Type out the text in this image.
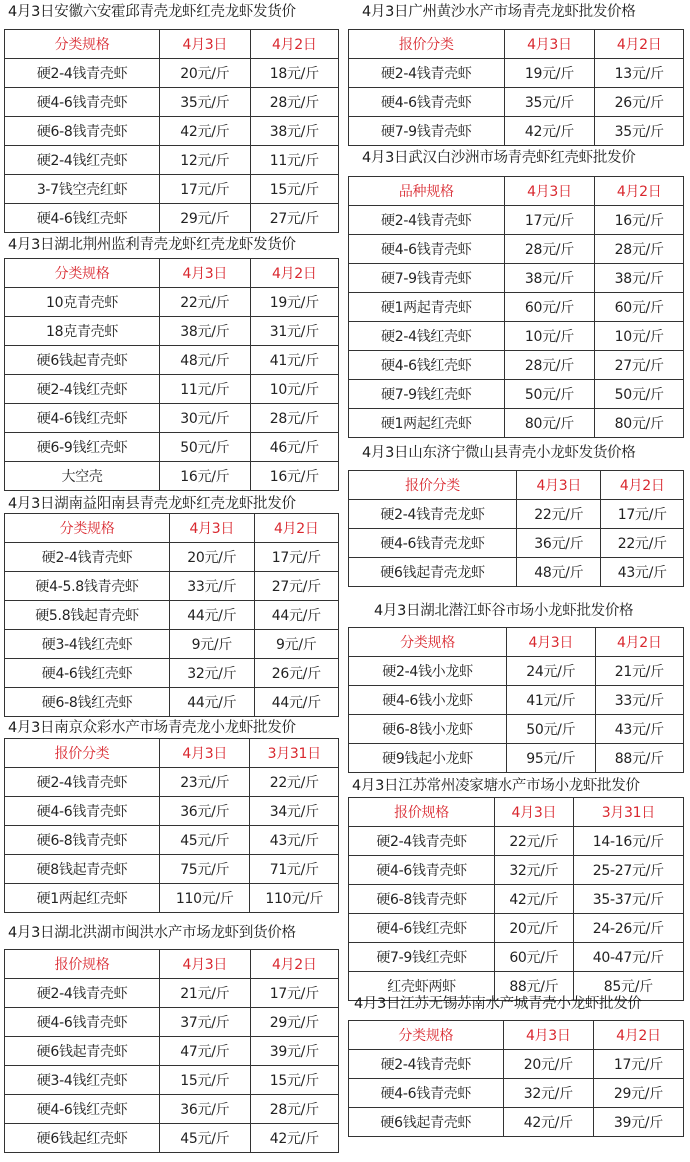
4月3日安徽六安霍邱青壳龙虾红壳龙虾发货价
分类规格	4月3日	4月2日
硬2-4钱青壳虾	20元/斤	18元/斤
硬4-6钱青壳虾	35元/斤	28元/斤
硬6-8钱青壳虾	42元/斤	38元/斤
硬2-4钱红壳虾	12元/斤	11元/斤
3-7钱空壳红虾	17元/斤	15元/斤
硬4-6钱红壳虾	29元/斤	27元/斤
4月3日湖北荆州监利青壳龙虾红壳龙虾发货价
分类规格	4月3日	4月2日
10克青壳虾	22元/斤	19元/斤
18克青壳虾	38元/斤	31元/斤
硬6钱起青壳虾	48元/斤	41元/斤
硬2-4钱红壳虾	11元/斤	10元/斤
硬4-6钱红壳虾	30元/斤	28元/斤
硬6-9钱红壳虾	50元/斤	46元/斤
大空壳	16元/斤	16元/斤
4月3日湖南益阳南县青壳龙虾红壳龙虾批发价
分类规格	4月3日	4月2日
硬2-4钱青壳虾	20元/斤	17元/斤
硬4-5.8钱青壳虾	33元/斤	27元/斤
硬5.8钱起青壳虾	44元/斤	44元/斤
硬3-4钱红壳虾	9元/斤	9元/斤
硬4-6钱红壳虾	32元/斤	26元/斤
硬6-8钱红壳虾	44元/斤	44元/斤
4月3日南京众彩水产市场青壳龙小龙虾批发价
报价分类	4月3日	3月31日
硬2-4钱青壳虾	23元/斤	22元/斤
硬4-6钱青壳虾	36元/斤	34元/斤
硬6-8钱青壳虾	45元/斤	43元/斤
硬8钱起青壳虾	75元/斤	71元/斤
硬1两起红壳虾	110元/斤	110元/斤
4月3日湖北洪湖市闽洪水产市场龙虾到货价格
报价规格	4月3日	4月2日
硬2-4钱青壳虾	21元/斤	17元/斤
硬4-6钱青壳虾	37元/斤	29元/斤
硬6钱起青壳虾	47元/斤	39元/斤
硬3-4钱红壳虾	15元/斤	15元/斤
硬4-6钱红壳虾	36元/斤	28元/斤
硬6钱起红壳虾	45元/斤	42元/斤
4月3日广州黄沙水产市场青壳龙虾批发价格
报价分类	4月3日	4月2日
硬2-4钱青壳虾	19元/斤	13元/斤
硬4-6钱青壳虾	35元/斤	26元/斤
硬7-9钱青壳虾	42元/斤	35元/斤
4月3日武汉白沙洲市场青壳虾红壳虾批发价
品种规格	4月3日	4月2日
硬2-4钱青壳虾	17元/斤	16元/斤
硬4-6钱青壳虾	28元/斤	28元/斤
硬7-9钱青壳虾	38元/斤	38元/斤
硬1两起青壳虾	60元/斤	60元/斤
硬2-4钱红壳虾	10元/斤	10元/斤
硬4-6钱红壳虾	28元/斤	27元/斤
硬7-9钱红壳虾	50元/斤	50元/斤
硬1两起红壳虾	80元/斤	80元/斤
4月3日山东济宁微山县青壳小龙虾发货价格
报价分类	4月3日	4月2日
硬2-4钱青壳龙虾	22元/斤	17元/斤
硬4-6钱青壳龙虾	36元/斤	22元/斤
硬6钱起青壳龙虾	48元/斤	43元/斤
4月3日湖北潜江虾谷市场小龙虾批发价格
分类规格	4月3日	4月2日
硬2-4钱小龙虾	24元/斤	21元/斤
硬4-6钱小龙虾	41元/斤	33元/斤
硬6-8钱小龙虾	50元/斤	43元/斤
硬9钱起小龙虾	95元/斤	88元/斤
4月3日江苏常州凌家塘水产市场小龙虾批发价
报价规格	4月3日	3月31日
硬2-4钱青壳虾	22元/斤	14-16元/斤
硬4-6钱青壳虾	32元/斤	25-27元/斤
硬6-8钱青壳虾	42元/斤	35-37元/斤
硬4-6钱红壳虾	20元/斤	24-26元/斤
硬7-9钱红壳虾	60元/斤	40-47元/斤
红壳虾两虾	88元/斤	85元/斤
4月3日江苏无锡苏南水产城青壳小龙虾批发价
分类规格	4月3日	4月2日
硬2-4钱青壳虾	20元/斤	17元/斤
硬4-6钱青壳虾	32元/斤	29元/斤
硬6钱起青壳虾	42元/斤	39元/斤
